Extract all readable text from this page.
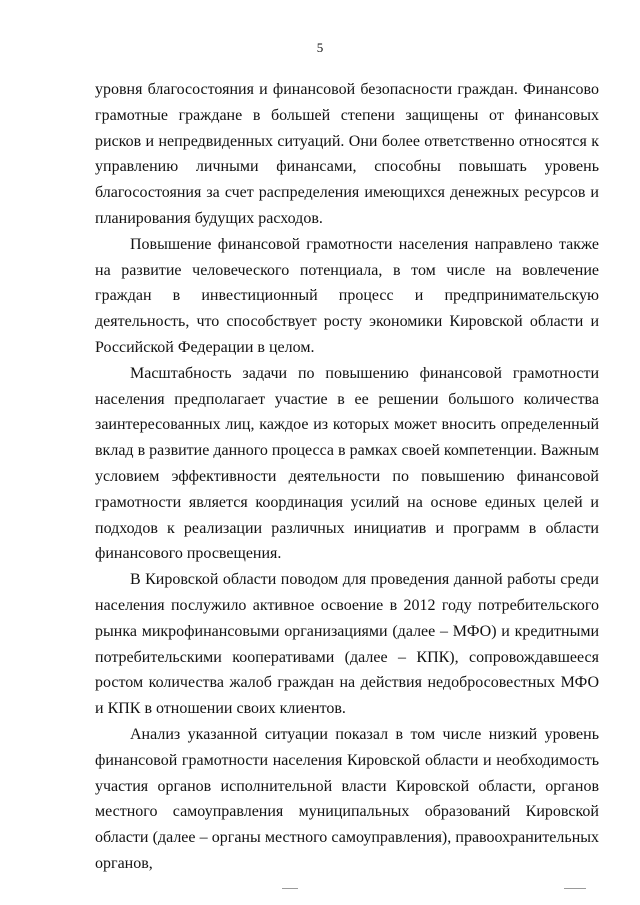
5

уровня благосостояния и финансовой безопасности граждан. Финансово грамотные граждане в большей степени защищены от финансовых рисков и непредвиденных ситуаций. Они более ответственно относятся к управлению личными финансами, способны повышать уровень благосостояния за счет распределения имеющихся денежных ресурсов и планирования будущих расходов.

Повышение финансовой грамотности населения направлено также на развитие человеческого потенциала, в том числе на вовлечение граждан в инвестиционный процесс и предпринимательскую деятельность, что способствует росту экономики Кировской области и Российской Федерации в целом.

Масштабность задачи по повышению финансовой грамотности населения предполагает участие в ее решении большого количества заинтересованных лиц, каждое из которых может вносить определенный вклад в развитие данного процесса в рамках своей компетенции. Важным условием эффективности деятельности по повышению финансовой грамотности является координация усилий на основе единых целей и подходов к реализации различных инициатив и программ в области финансового просвещения.

В Кировской области поводом для проведения данной работы среди населения послужило активное освоение в 2012 году потребительского рынка микрофинансовыми организациями (далее – МФО) и кредитными потребительскими кооперативами (далее – КПК), сопровождавшееся ростом количества жалоб граждан на действия недобросовестных МФО и КПК в отношении своих клиентов.

Анализ указанной ситуации показал в том числе низкий уровень финансовой грамотности населения Кировской области и необходимость участия органов исполнительной власти Кировской области, органов местного самоуправления муниципальных образований Кировской области (далее – органы местного самоуправления), правоохранительных органов,
